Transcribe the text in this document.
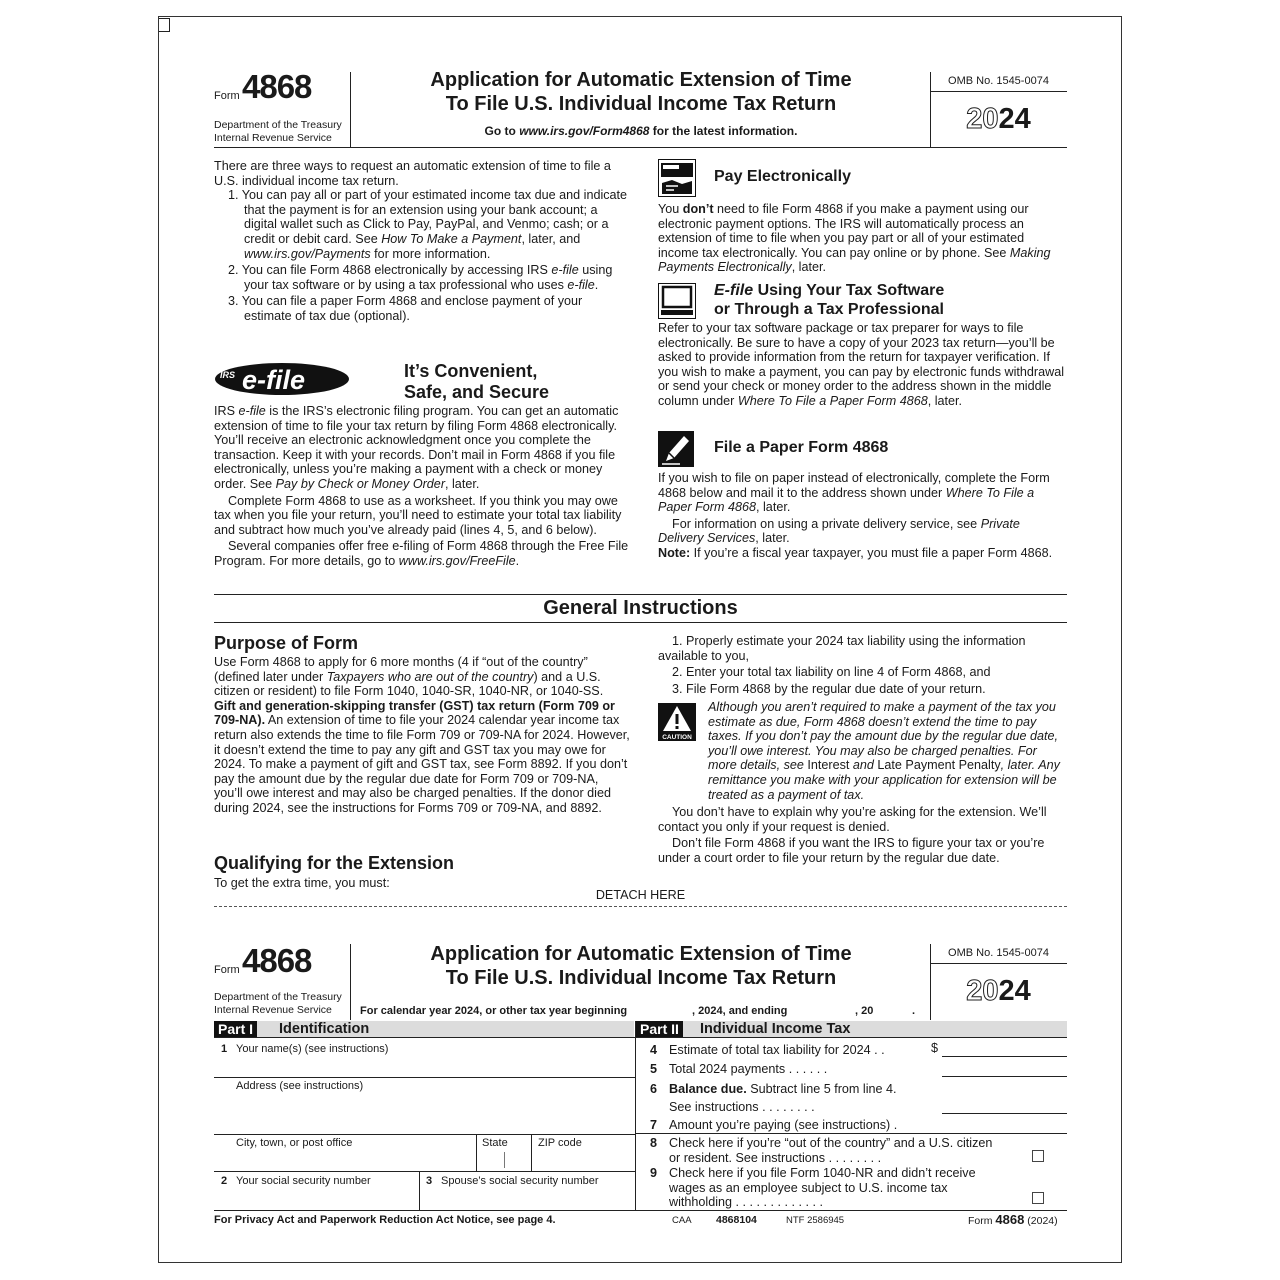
Form 4868
Department of the Treasury
Internal Revenue Service
Application for Automatic Extension of Time
To File U.S. Individual Income Tax Return
Go to www.irs.gov/Form4868 for the latest information.
OMB No. 1545-0074
2024

There are three ways to request an automatic extension of time to file a U.S. individual income tax return.

1. You can pay all or part of your estimated income tax due and indicate that the payment is for an extension using your bank account; a digital wallet such as Click to Pay, PayPal, and Venmo; cash; or a credit or debit card. See How To Make a Payment, later, and www.irs.gov/Payments for more information.

2. You can file Form 4868 electronically by accessing IRS e-file using your tax software or by using a tax professional who uses e-file.

3. You can file a paper Form 4868 and enclose payment of your estimate of tax due (optional).

IRS e-file	It’s Convenient,
Safe, and Secure

IRS e-file is the IRS’s electronic filing program. You can get an automatic extension of time to file your tax return by filing Form 4868 electronically. You’ll receive an electronic acknowledgment once you complete the transaction. Keep it with your records. Don’t mail in Form 4868 if you file electronically, unless you’re making a payment with a check or money order. See Pay by Check or Money Order, later.

Complete Form 4868 to use as a worksheet. If you think you may owe tax when you file your return, you’ll need to estimate your total tax liability and subtract how much you’ve already paid (lines 4, 5, and 6 below).

Several companies offer free e-filing of Form 4868 through the Free File Program. For more details, go to www.irs.gov/FreeFile.

Pay Electronically

You don’t need to file Form 4868 if you make a payment using our electronic payment options. The IRS will automatically process an extension of time to file when you pay part or all of your estimated income tax electronically. You can pay online or by phone. See Making Payments Electronically, later.

E-file Using Your Tax Software
or Through a Tax Professional

Refer to your tax software package or tax preparer for ways to file electronically. Be sure to have a copy of your 2023 tax return—you’ll be asked to provide information from the return for taxpayer verification. If you wish to make a payment, you can pay by electronic funds withdrawal or send your check or money order to the address shown in the middle column under Where To File a Paper Form 4868, later.

File a Paper Form 4868

If you wish to file on paper instead of electronically, complete the Form 4868 below and mail it to the address shown under Where To File a Paper Form 4868, later.

For information on using a private delivery service, see Private Delivery Services, later.

Note: If you’re a fiscal year taxpayer, you must file a paper Form 4868.

General Instructions
Purpose of Form

Use Form 4868 to apply for 6 more months (4 if “out of the country” (defined later under Taxpayers who are out of the country) and a U.S. citizen or resident) to file Form 1040, 1040-SR, 1040-NR, or 1040-SS.

Gift and generation-skipping transfer (GST) tax return (Form 709 or 709-NA). An extension of time to file your 2024 calendar year income tax return also extends the time to file Form 709 or 709-NA for 2024. However, it doesn’t extend the time to pay any gift and GST tax you may owe for 2024. To make a payment of gift and GST tax, see Form 8892. If you don’t pay the amount due by the regular due date for Form 709 or 709-NA, you’ll owe interest and may also be charged penalties. If the donor died during 2024, see the instructions for Forms 709 or 709-NA, and 8892.

Qualifying for the Extension
To get the extra time, you must:

1. Properly estimate your 2024 tax liability using the information available to you,

2. Enter your total tax liability on line 4 of Form 4868, and

3. File Form 4868 by the regular due date of your return.

CAUTION

Although you aren’t required to make a payment of the tax you estimate as due, Form 4868 doesn’t extend the time to pay taxes. If you don’t pay the amount due by the regular due date, you’ll owe interest. You may also be charged penalties. For more details, see Interest and Late Payment Penalty, later. Any remittance you make with your application for extension will be treated as a payment of tax.

You don’t have to explain why you’re asking for the extension. We’ll contact you only if your request is denied.

Don’t file Form 4868 if you want the IRS to figure your tax or you’re under a court order to file your return by the regular due date.

DETACH HERE
Form 4868
Department of the Treasury
Internal Revenue Service
Application for Automatic Extension of Time
To File U.S. Individual Income Tax Return
For calendar year 2024, or other tax year beginning	, 2024, and ending	, 20	.
OMB No. 1545-0074
2024
Part I Identification	Part II Individual Income Tax
1 Your name(s) (see instructions)
Address (see instructions)
City, town, or post office	State	ZIP code
2 Your social security number	3 Spouse’s social security number
4 Estimate of total tax liability for 2024 . .	$
5 Total 2024 payments . . . . . .
6 Balance due. Subtract line 5 from line 4.
See instructions . . . . . . . .
7 Amount you’re paying (see instructions) .
8 Check here if you’re “out of the country” and a U.S. citizen
or resident. See instructions . . . . . . . .
9 Check here if you file Form 1040-NR and didn’t receive
wages as an employee subject to U.S. income tax
withholding . . . . . . . . . . . . .
For Privacy Act and Paperwork Reduction Act Notice, see page 4.	CAA 4868104	NTF 2586945	Form 4868 (2024)
